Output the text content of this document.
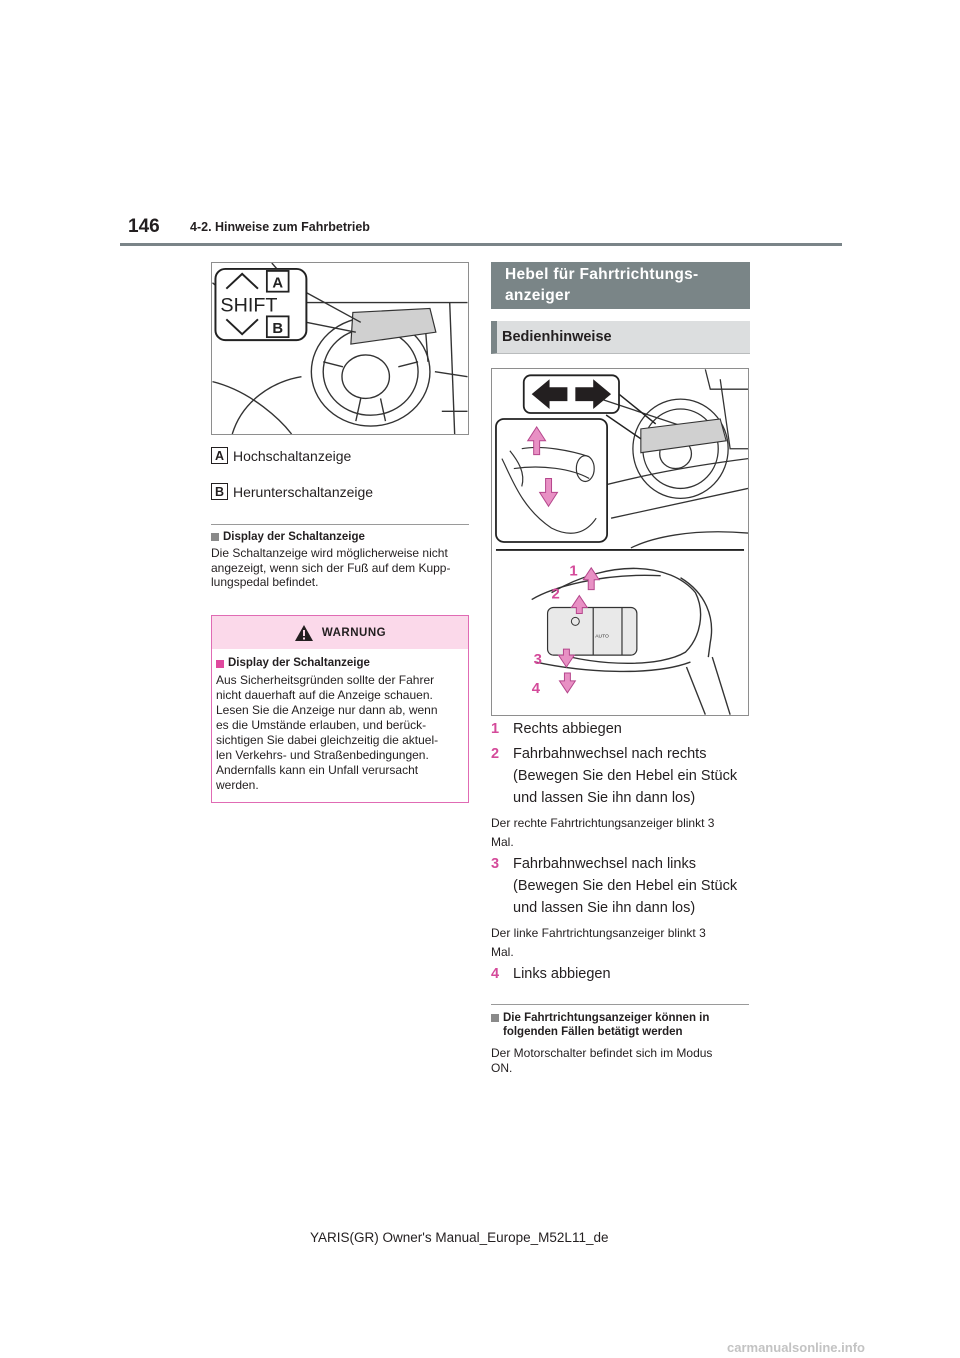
146 4-2. Hinweise zum Fahrbetrieb
A
SHIFT
B
A Hochschaltanzeige
B Herunterschaltanzeige
Display der Schaltanzeige
Die Schaltanzeige wird möglicherweise nicht
angezeigt, wenn sich der Fuß auf dem Kupp-
lungspedal befindet.
WARNUNG
Display der Schaltanzeige
Aus Sicherheitsgründen sollte der Fahrer
nicht dauerhaft auf die Anzeige schauen.
Lesen Sie die Anzeige nur dann ab, wenn
es die Umstände erlauben, und berück-
sichtigen Sie dabei gleichzeitig die aktuel-
len Verkehrs- und Straßenbedingungen.
Andernfalls kann ein Unfall verursacht
werden.
Hebel für Fahrtrichtungs-
anzeiger
Bedienhinweise
AUTO
1
2
3
4
1 Rechts abbiegen
2 Fahrbahnwechsel nach rechts
(Bewegen Sie den Hebel ein Stück
und lassen Sie ihn dann los)
Der rechte Fahrtrichtungsanzeiger blinkt 3
Mal.
3 Fahrbahnwechsel nach links
(Bewegen Sie den Hebel ein Stück
und lassen Sie ihn dann los)
Der linke Fahrtrichtungsanzeiger blinkt 3
Mal.
4 Links abbiegen
Die Fahrtrichtungsanzeiger können in
folgenden Fällen betätigt werden
Der Motorschalter befindet sich im Modus
ON.
YARIS(GR) Owner's Manual_Europe_M52L11_de
carmanualsonline.info
